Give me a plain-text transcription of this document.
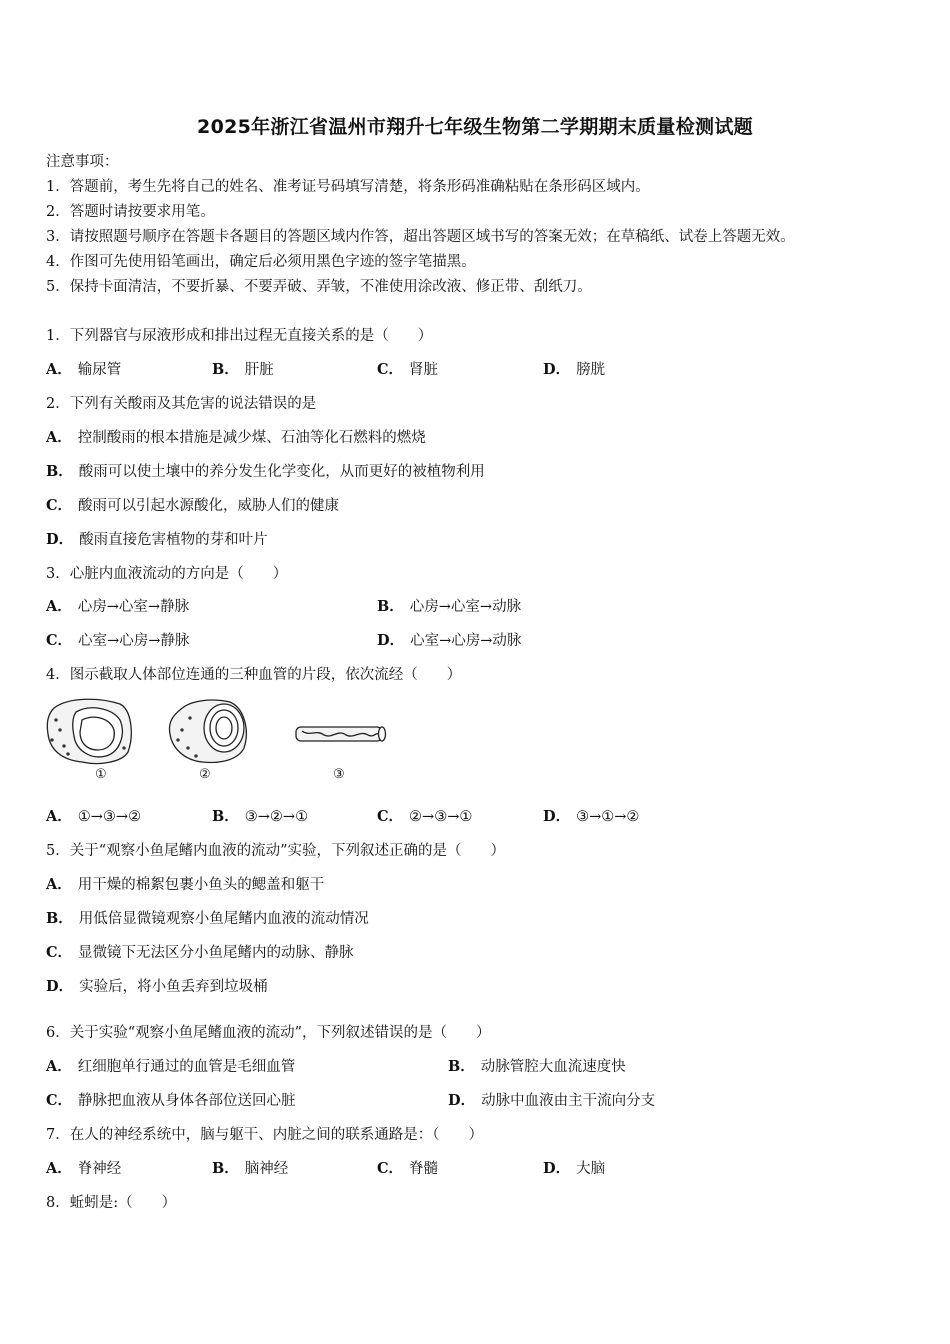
2025年浙江省温州市翔升七年级生物第二学期期末质量检测试题
注意事项：
1．答题前，考生先将自己的姓名、准考证号码填写清楚，将条形码准确粘贴在条形码区域内。
2．答题时请按要求用笔。
3．请按照题号顺序在答题卡各题目的答题区域内作答，超出答题区域书写的答案无效；在草稿纸、试卷上答题无效。
4．作图可先使用铅笔画出，确定后必须用黑色字迹的签字笔描黑。
5．保持卡面清洁，不要折暴、不要弄破、弄皱，不准使用涂改液、修正带、刮纸刀。
1．下列器官与尿液形成和排出过程无直接关系的是（　　）
A． 输尿管	B． 肝脏	C． 肾脏	D． 膀胱
2．下列有关酸雨及其危害的说法错误的是
A． 控制酸雨的根本措施是减少煤、石油等化石燃料的燃烧
B． 酸雨可以使土壤中的养分发生化学变化，从而更好的被植物利用
C． 酸雨可以引起水源酸化，威胁人们的健康
D． 酸雨直接危害植物的芽和叶片
3．心脏内血液流动的方向是（　　）
A． 心房→心室→静脉	B． 心房→心室→动脉
C． 心室→心房→静脉	D． 心室→心房→动脉
4．图示截取人体部位连通的三种血管的片段，依次流经（　　）
①	②	③
A． ①→③→②	B． ③→②→①	C． ②→③→①	D． ③→①→②
5．关于“观察小鱼尾鳍内血液的流动”实验，下列叙述正确的是（　　）
A． 用干燥的棉絮包裹小鱼头的鳃盖和躯干
B． 用低倍显微镜观察小鱼尾鳍内血液的流动情况
C． 显微镜下无法区分小鱼尾鳍内的动脉、静脉
D． 实验后，将小鱼丢弃到垃圾桶
6．关于实验“观察小鱼尾鳍血液的流动”，下列叙述错误的是（　　）
A． 红细胞单行通过的血管是毛细血管	B． 动脉管腔大血流速度快
C． 静脉把血液从身体各部位送回心脏	D． 动脉中血液由主干流向分支
7．在人的神经系统中，脑与躯干、内脏之间的联系通路是：（　　）
A． 脊神经	B． 脑神经	C． 脊髓	D． 大脑
8．蚯蚓是:（　　）
